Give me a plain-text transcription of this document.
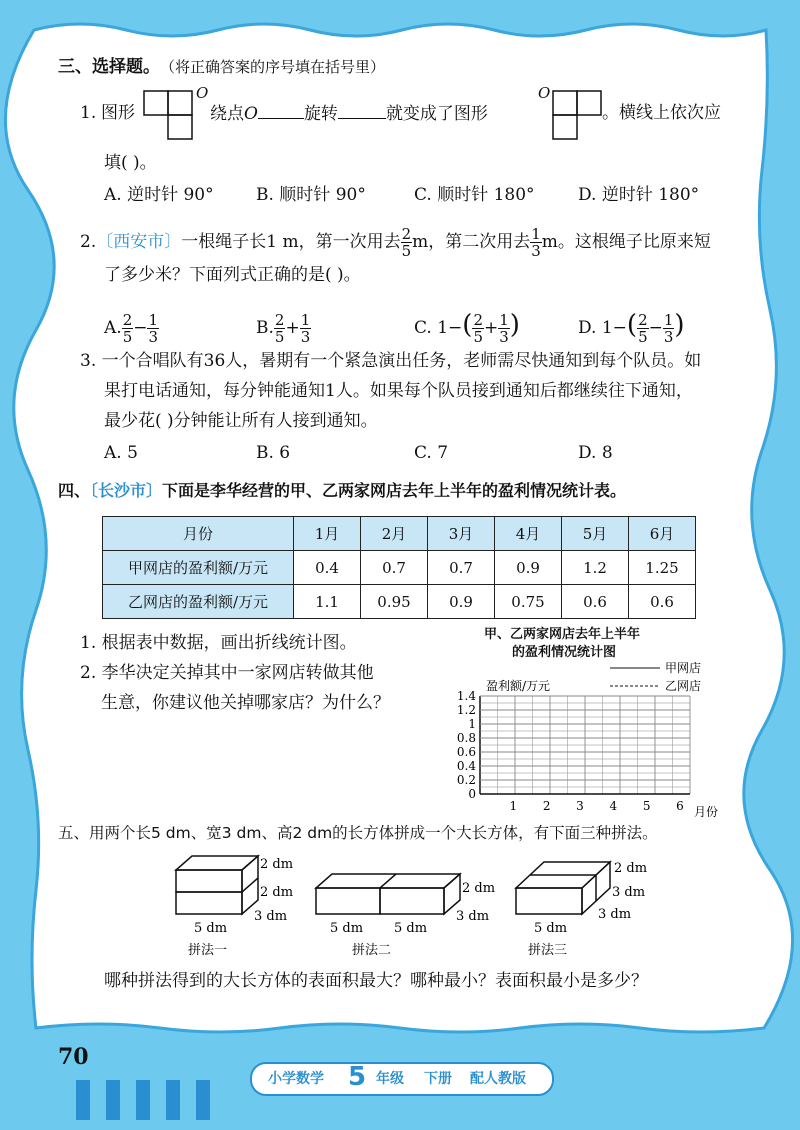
三、选择题。 （将正确答案的序号填在括号里）
1. 图形
O
绕点O	旋转	就变成了图形
O
。横线上依次应
填( )。
A. 逆时针 90° B. 顺时针 90°	C. 顺时针 180°	D. 逆时针 180°
2.〔西安市〕一根绳子长1 m，第一次用去 $\frac{2}{5}$ m，第二次用去 $\frac{1}{3}$ m。这根绳子比原来短
了多少米？下面列式正确的是( )。
A. $\frac{2}{5} - \frac{1}{3}$	B. $\frac{2}{5} + \frac{1}{3}$	C. $1-( \frac{2}{5} + \frac{1}{3}$ )	D. $1-( \frac{2}{5} - \frac{1}{3}$ )
3. 一个合唱队有36人，暑期有一个紧急演出任务，老师需尽快通知到每个队员。如
果打电话通知，每分钟能通知1人。如果每个队员接到通知后都继续往下通知，
最少花( )分钟能让所有人接到通知。
A. 5	B. 6	C. 7	D. 8
四、〔长沙市〕下面是李华经营的甲、乙两家网店去年上半年的盈利情况统计表。
月份	1月	2月	3月	4月	5月	6月
甲网店的盈利额/万元	0.4	0.7	0.7	0.9	1.2	1.25
乙网店的盈利额/万元	1.1	0.95	0.9	0.75	0.6	0.6
1. 根据表中数据，画出折线统计图。
2. 李华决定关掉其中一家网店转做其他
生意，你建议他关掉哪家店？为什么？
甲、乙两家网店去年上半年
的盈利情况统计图
甲网店
乙网店
盈利额/万元
0
0.2
0.4
0.6
0.8
1
1.2
1.4
1 2 3 4 5 6 月份
五、用两个长5 dm、宽3 dm、高2 dm的长方体拼成一个大长方体，有下面三种拼法。
2 dm
2 dm
3 dm
5 dm
拼法一
2 dm
3 dm
5 dm 5 dm
拼法二
2 dm
3 dm
3 dm
5 dm
拼法三
哪种拼法得到的大长方体的表面积最大？哪种最小？表面积最小是多少？
70
小学数学 5 年级 下册 配人教版
